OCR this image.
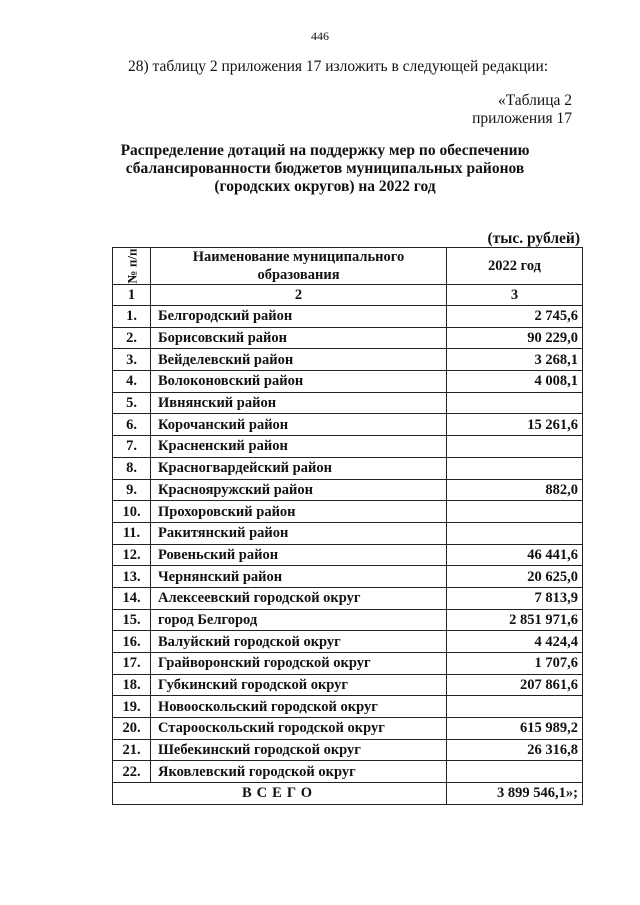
446
28) таблицу 2 приложения 17 изложить в следующей редакции:
«Таблица 2
приложения 17
Распределение дотаций на поддержку мер по обеспечению
сбалансированности бюджетов муниципальных районов
(городских округов) на 2022 год
(тыс. рублей)
№ п/п	Наименование муниципального образования	2022 год
1	2	3
1.	Белгородский район	2 745,6
2.	Борисовский район	90 229,0
3.	Вейделевский район	3 268,1
4.	Волоконовский район	4 008,1
5.	Ивнянский район	
6.	Корочанский район	15 261,6
7.	Красненский район	
8.	Красногвардейский район	
9.	Краснояружский район	882,0
10.	Прохоровский район	
11.	Ракитянский район	
12.	Ровеньский район	46 441,6
13.	Чернянский район	20 625,0
14.	Алексеевский городской округ	7 813,9
15.	город Белгород	2 851 971,6
16.	Валуйский городской округ	4 424,4
17.	Грайворонский городской округ	1 707,6
18.	Губкинский городской округ	207 861,6
19.	Новооскольский городской округ	
20.	Старооскольский городской округ	615 989,2
21.	Шебекинский городской округ	26 316,8
22.	Яковлевский городской округ	
ВСЕГО		3 899 546,1»;
